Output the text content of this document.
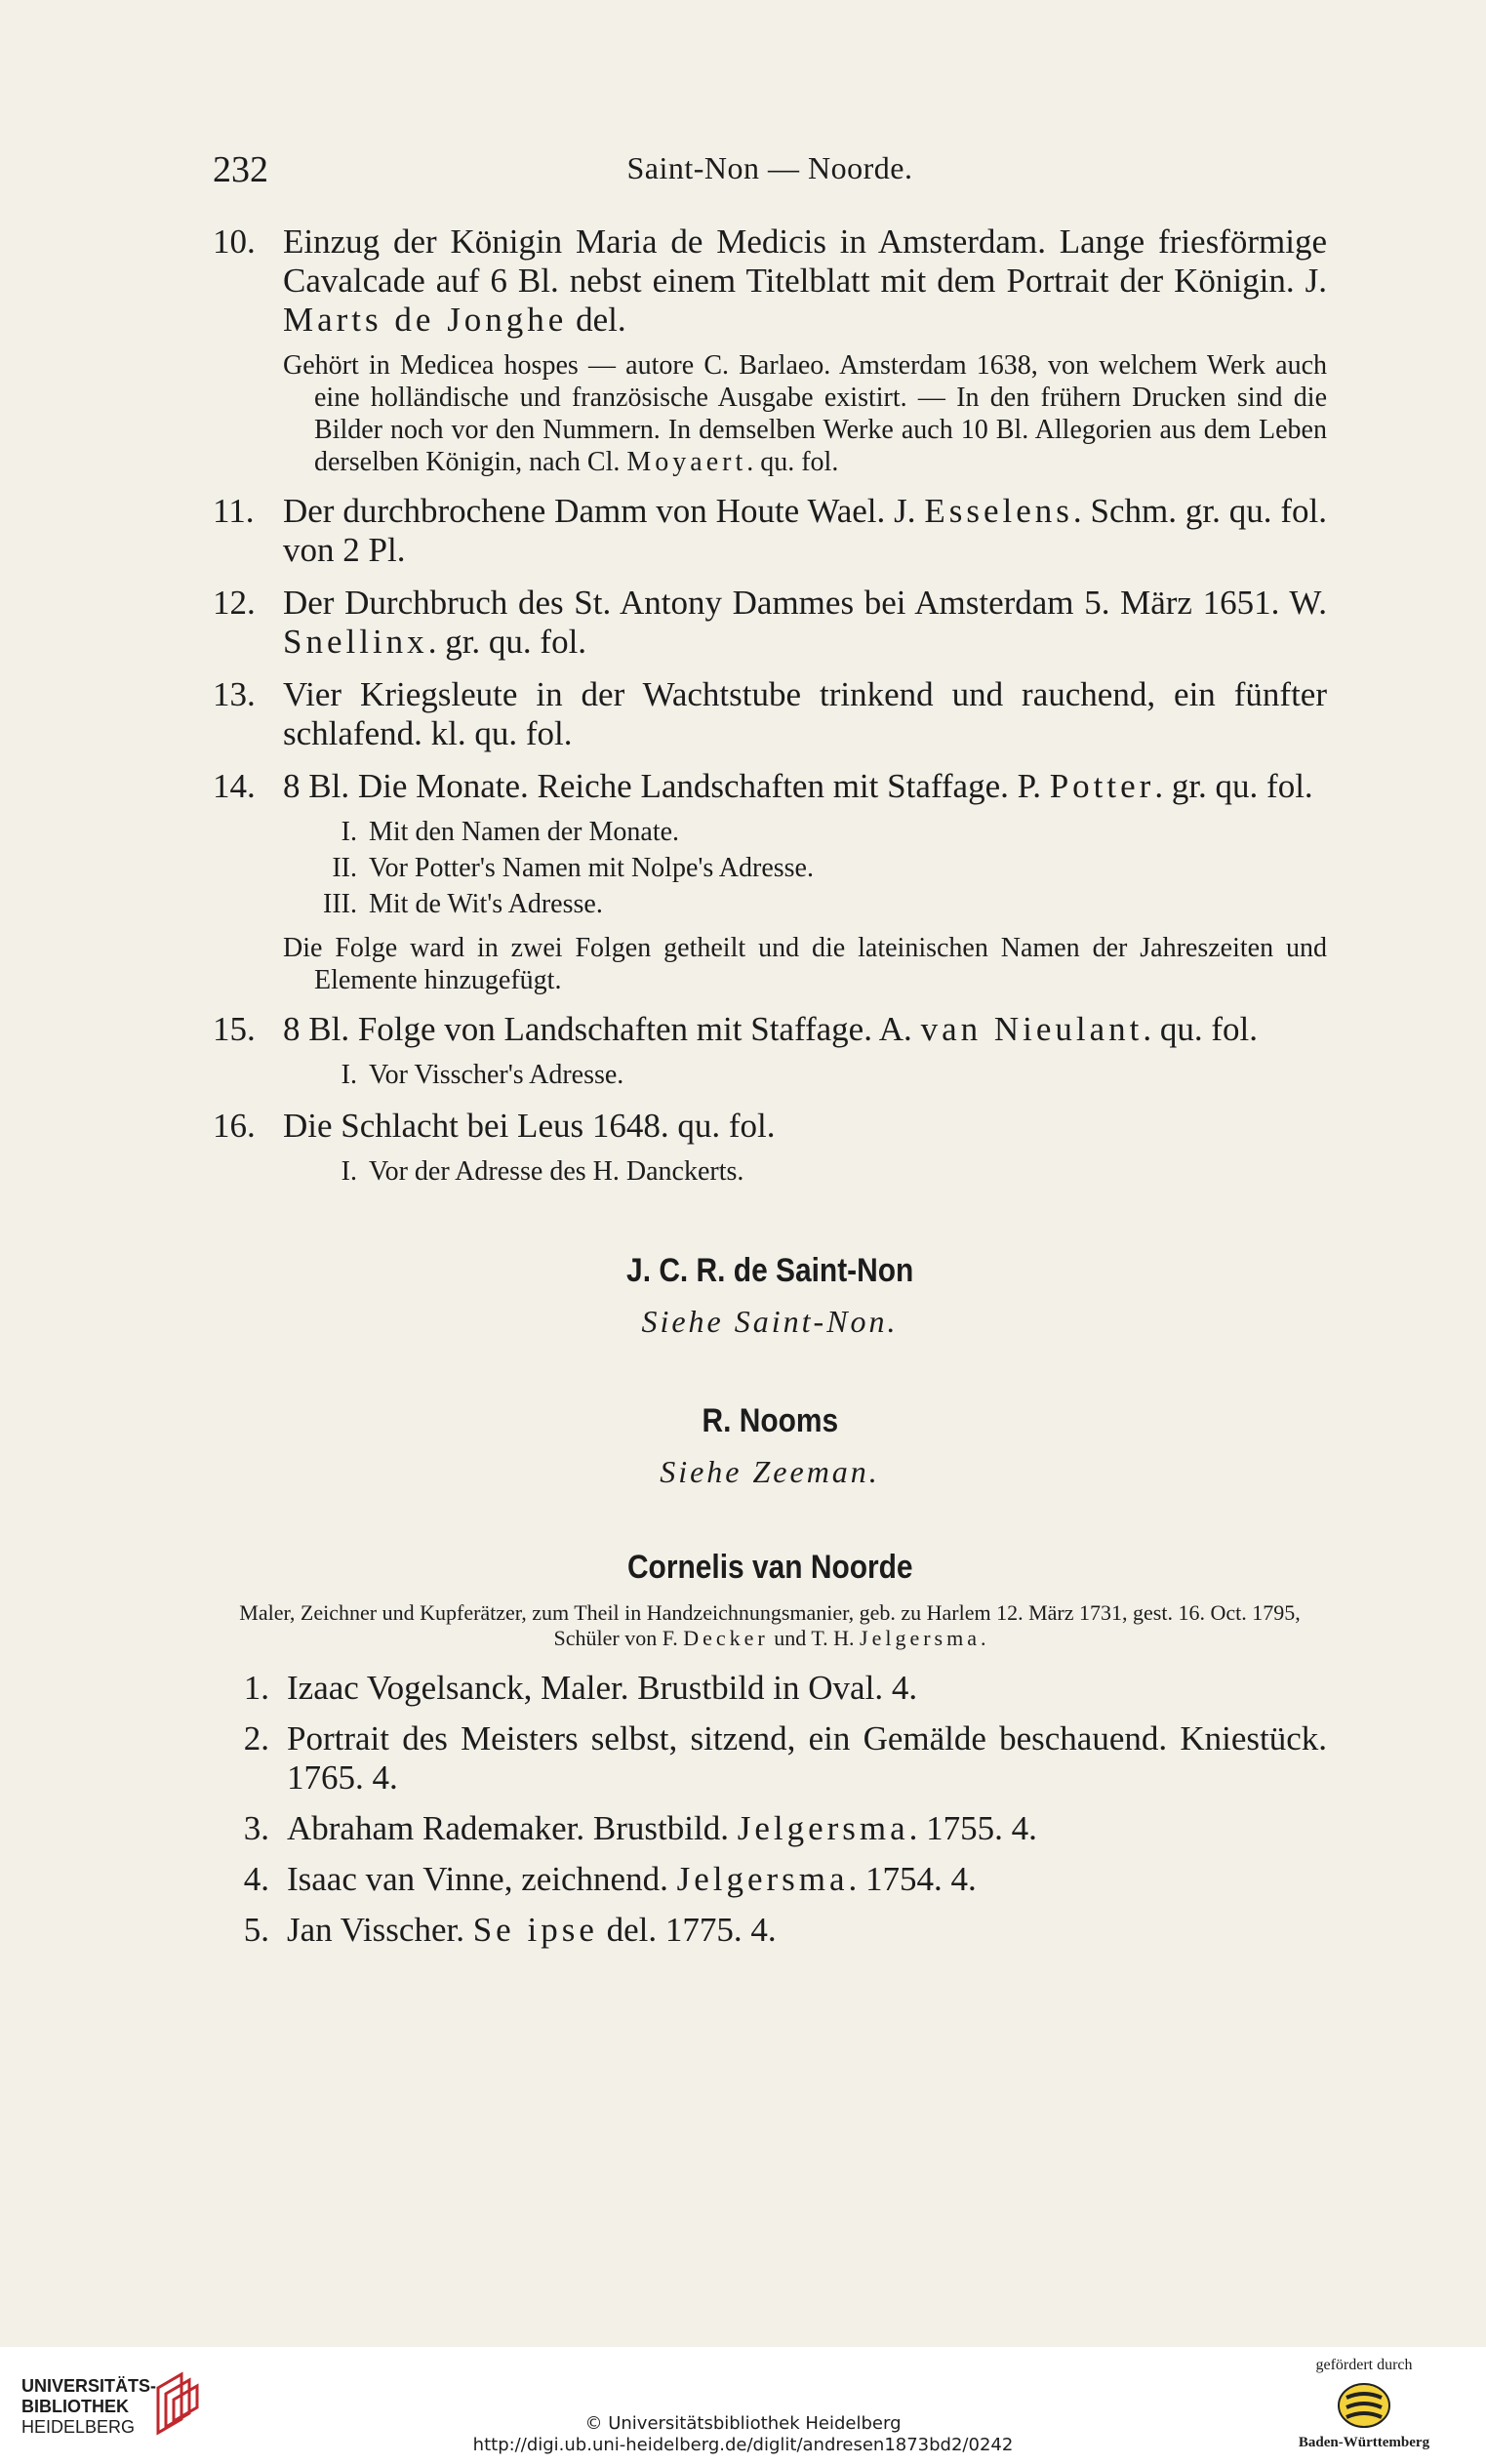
232	Saint-Non — Noorde.
10. Einzug der Königin Maria de Medicis in Amsterdam. Lange friesförmige Cavalcade auf 6 Bl. nebst einem Titelblatt mit dem Portrait der Königin. J. Marts de Jonghe del.
Gehört in Medicea hospes — autore C. Barlaeo. Amsterdam 1638, von welchem Werk auch eine holländische und französische Ausgabe existirt. — In den frühern Drucken sind die Bilder noch vor den Nummern. In demselben Werke auch 10 Bl. Allegorien aus dem Leben derselben Königin, nach Cl. Moyaert. qu. fol.
11. Der durchbrochene Damm von Houte Wael. J. Esselens. Schm. gr. qu. fol. von 2 Pl.
12. Der Durchbruch des St. Antony Dammes bei Amsterdam 5. März 1651. W. Snellinx. gr. qu. fol.
13. Vier Kriegsleute in der Wachtstube trinkend und rauchend, ein fünfter schlafend. kl. qu. fol.
14. 8 Bl. Die Monate. Reiche Landschaften mit Staffage. P. Potter. gr. qu. fol.
I. Mit den Namen der Monate.
II. Vor Potter's Namen mit Nolpe's Adresse.
III. Mit de Wit's Adresse.
Die Folge ward in zwei Folgen getheilt und die lateinischen Namen der Jahreszeiten und Elemente hinzugefügt.
15. 8 Bl. Folge von Landschaften mit Staffage. A. van Nieulant. qu. fol.
I. Vor Visscher's Adresse.
16. Die Schlacht bei Leus 1648. qu. fol.
I. Vor der Adresse des H. Danckerts.
J. C. R. de Saint-Non
Siehe Saint-Non.
R. Nooms
Siehe Zeeman.
Cornelis van Noorde
Maler, Zeichner und Kupferätzer, zum Theil in Handzeichnungsmanier, geb. zu Harlem 12. März 1731, gest. 16. Oct. 1795, Schüler von F. Decker und T. H. Jelgersma.
1. Izaac Vogelsanck, Maler. Brustbild in Oval. 4.
2. Portrait des Meisters selbst, sitzend, ein Gemälde beschauend. Kniestück. 1765. 4.
3. Abraham Rademaker. Brustbild. Jelgersma. 1755. 4.
4. Isaac van Vinne, zeichnend. Jelgersma. 1754. 4.
5. Jan Visscher. Se ipse del. 1775. 4.
UNIVERSITÄTS-
BIBLIOTHEK
HEIDELBERG	© Universitätsbibliothek Heidelberg
http://digi.ub.uni-heidelberg.de/diglit/andresen1873bd2/0242
gefördert durch
Baden-Württemberg
